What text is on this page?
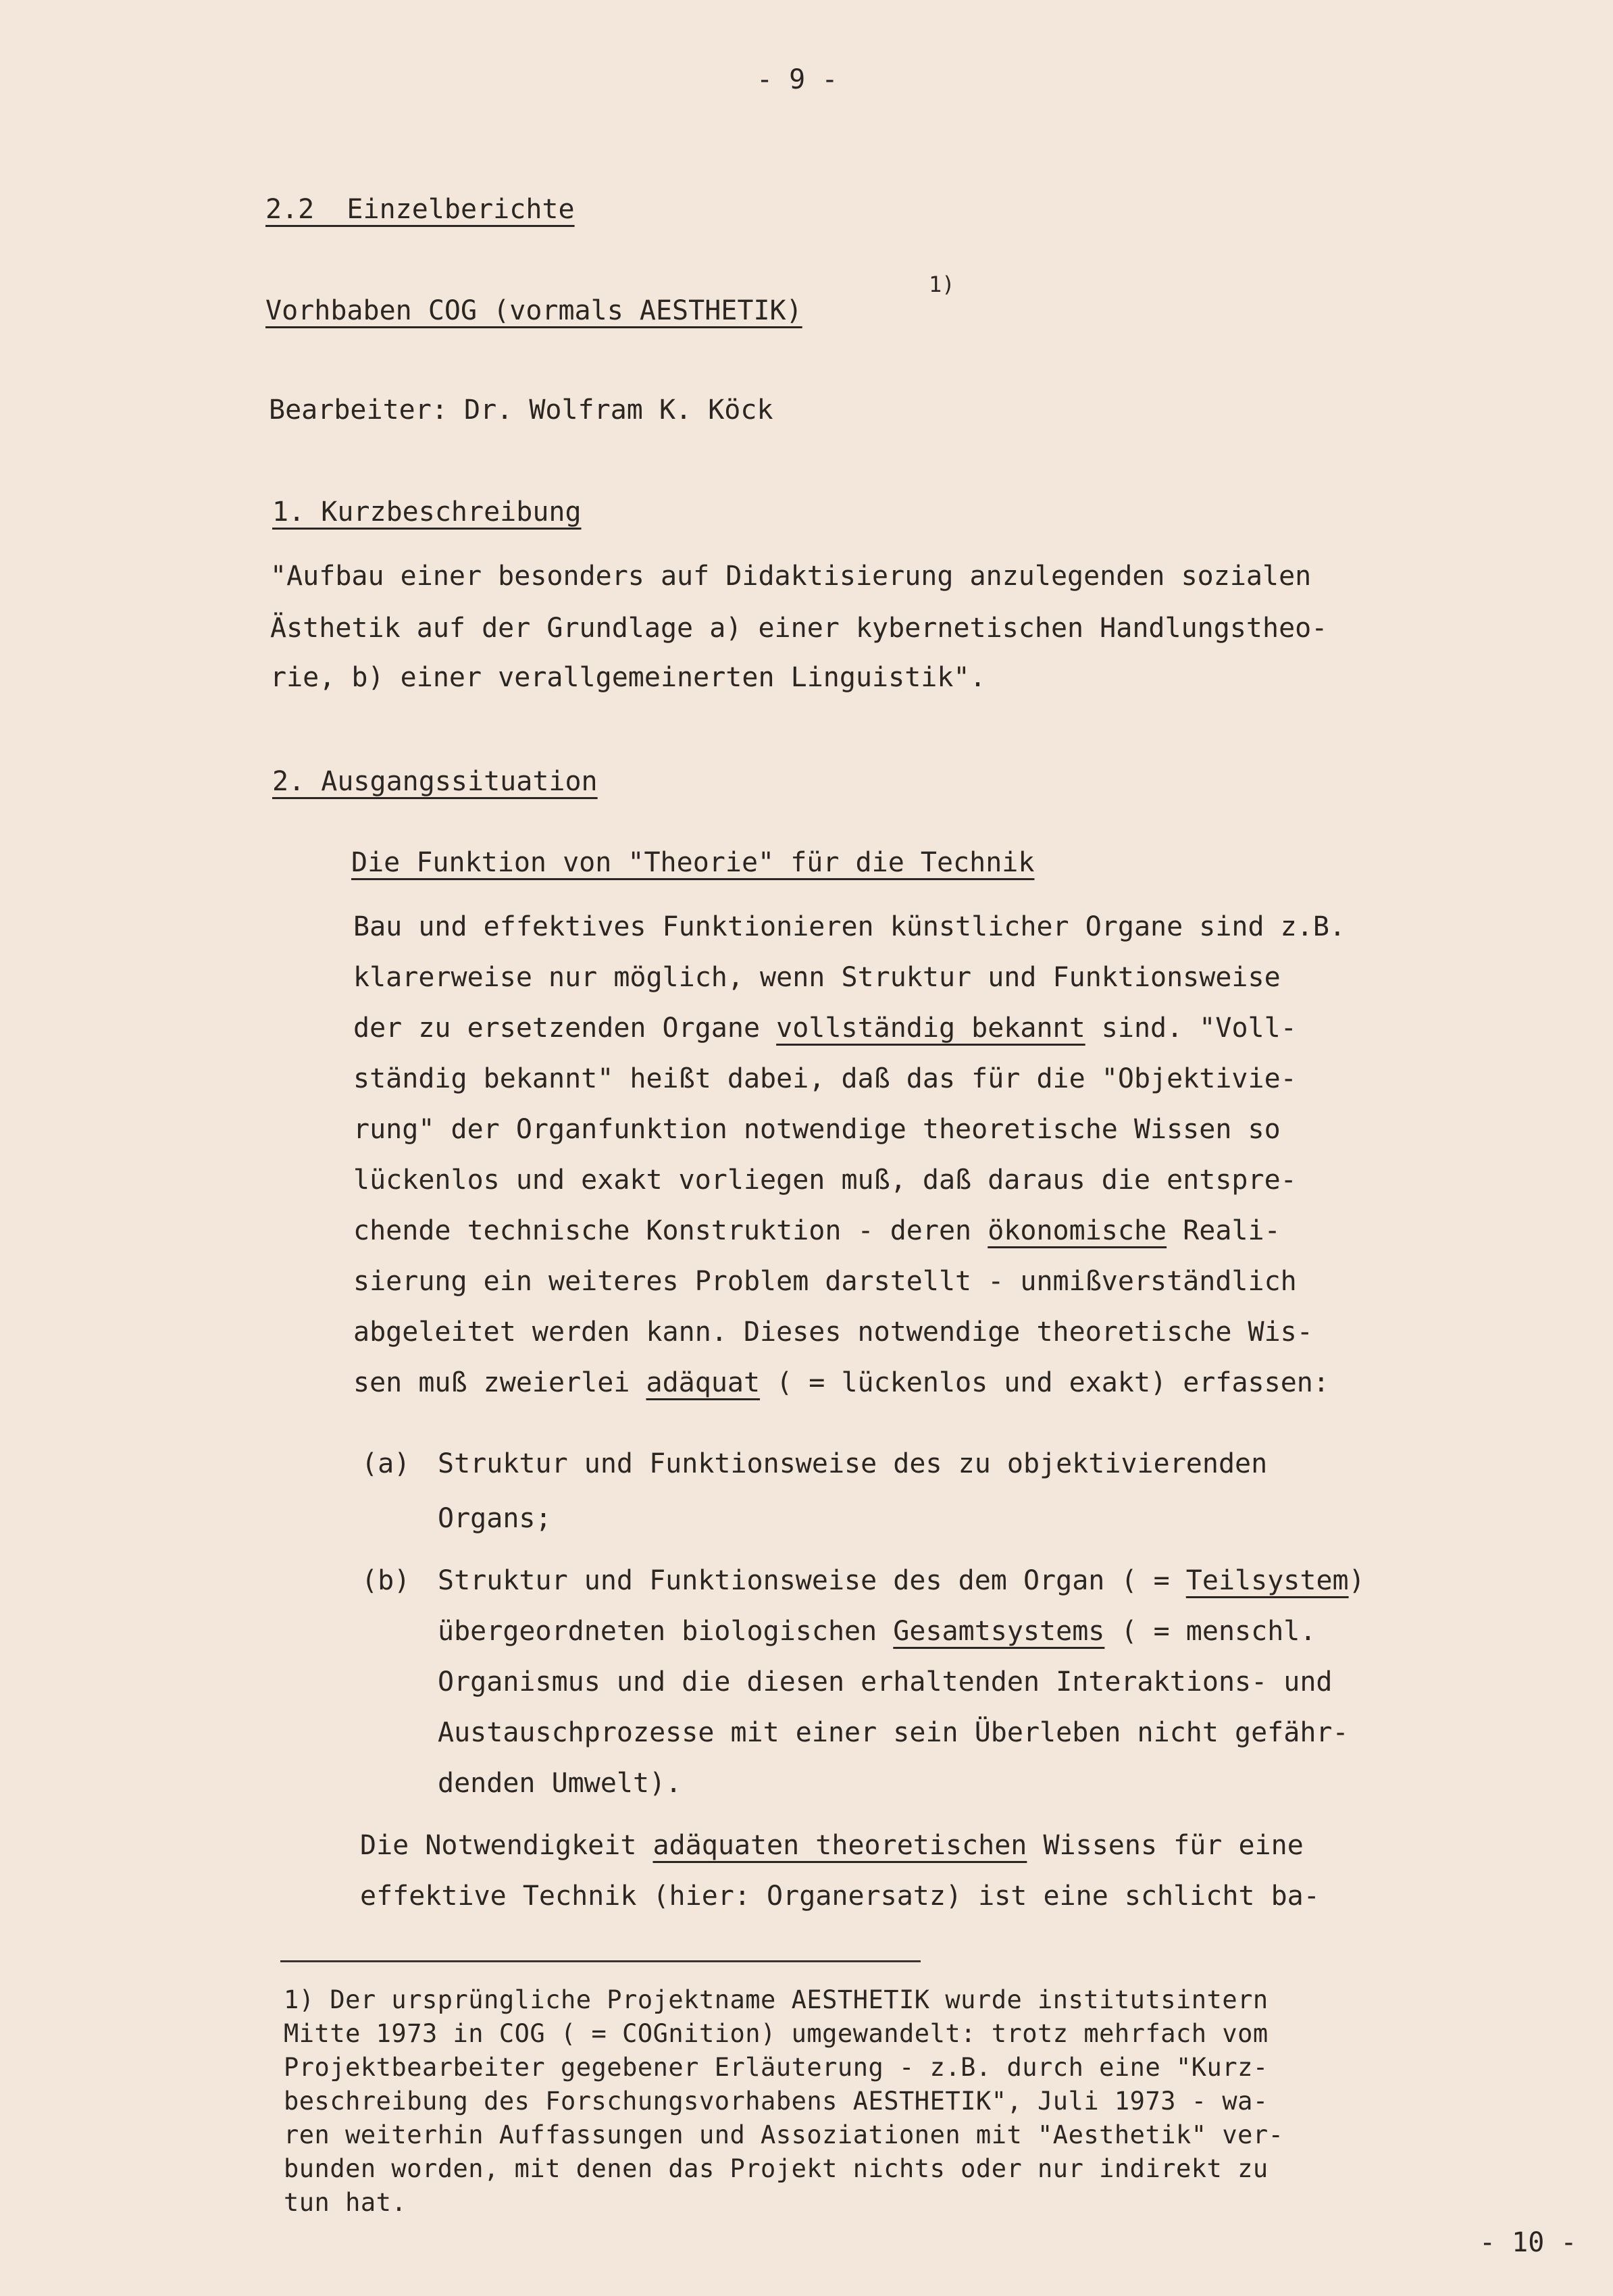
- 9 -

2.2  Einzelberichte

Vorhbaben COG (vormals AESTHETIK)

1)

Bearbeiter: Dr. Wolfram K. Köck

1. Kurzbeschreibung

"Aufbau einer besonders auf Didaktisierung anzulegenden sozialen

Ästhetik auf der Grundlage a) einer kybernetischen Handlungstheo-

rie, b) einer verallgemeinerten Linguistik".

2. Ausgangssituation

Die Funktion von "Theorie" für die Technik

Bau und effektives Funktionieren künstlicher Organe sind z.B.

klarerweise nur möglich, wenn Struktur und Funktionsweise

der zu ersetzenden Organe vollständig bekannt sind. "Voll-

ständig bekannt" heißt dabei, daß das für die "Objektivie-

rung" der Organfunktion notwendige theoretische Wissen so

lückenlos und exakt vorliegen muß, daß daraus die entspre-

chende technische Konstruktion - deren ökonomische Reali-

sierung ein weiteres Problem darstellt - unmißverständlich

abgeleitet werden kann. Dieses notwendige theoretische Wis-

sen muß zweierlei adäquat ( = lückenlos und exakt) erfassen:

(a) Struktur und Funktionsweise des zu objektivierenden

Organs;

(b) Struktur und Funktionsweise des dem Organ ( = Teilsystem)

übergeordneten biologischen Gesamtsystems ( = menschl.

Organismus und die diesen erhaltenden Interaktions- und

Austauschprozesse mit einer sein Überleben nicht gefähr-

denden Umwelt).

Die Notwendigkeit adäquaten theoretischen Wissens für eine

effektive Technik (hier: Organersatz) ist eine schlicht ba-

1) Der ursprüngliche Projektname AESTHETIK wurde institutsintern

Mitte 1973 in COG ( = COGnition) umgewandelt: trotz mehrfach vom

Projektbearbeiter gegebener Erläuterung - z.B. durch eine "Kurz-

beschreibung des Forschungsvorhabens AESTHETIK", Juli 1973 - wa-

ren weiterhin Auffassungen und Assoziationen mit "Aesthetik" ver-

bunden worden, mit denen das Projekt nichts oder nur indirekt zu

tun hat.

- 10 -
